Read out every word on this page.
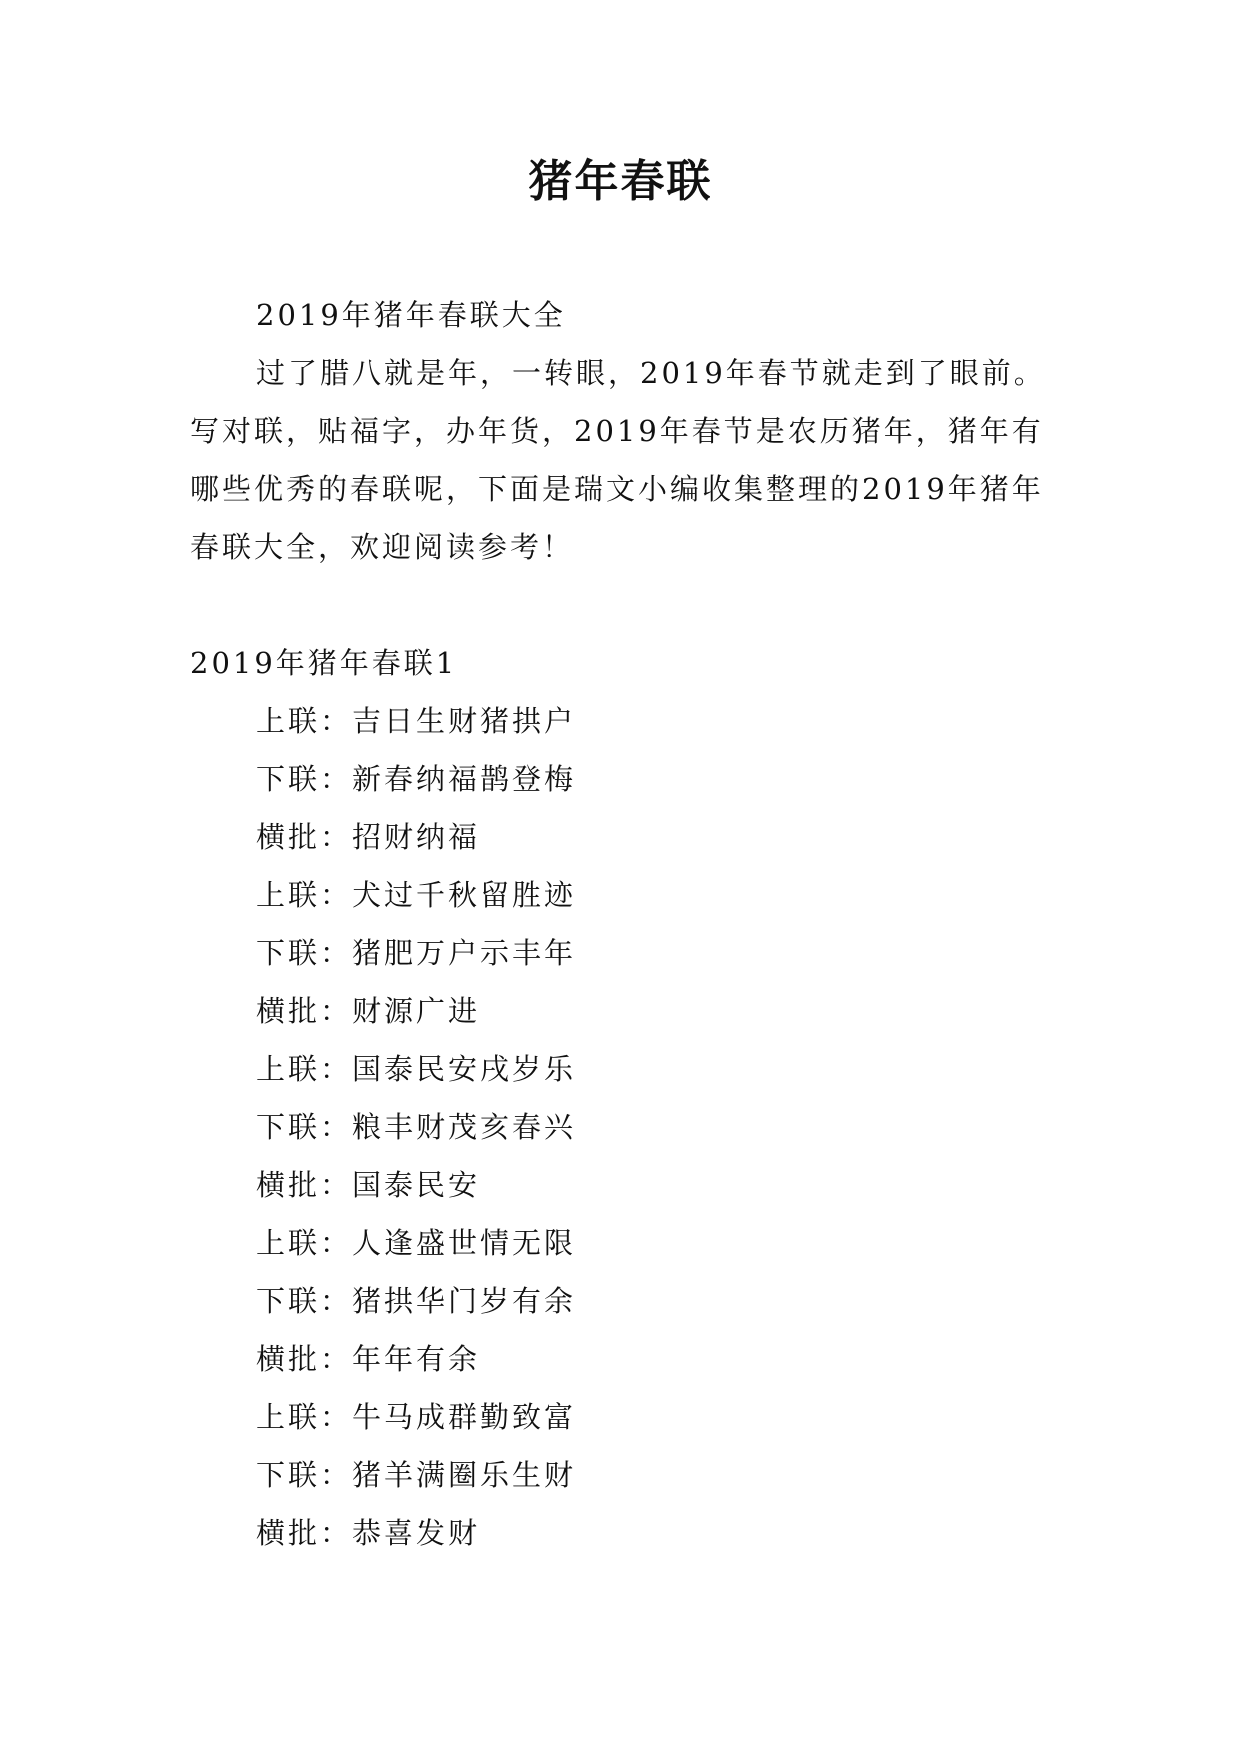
猪年春联

2019年猪年春联大全

过了腊八就是年，一转眼，2019年春节就走到了眼前。写对联，贴福字，办年货，2019年春节是农历猪年，猪年有哪些优秀的春联呢，下面是瑞文小编收集整理的2019年猪年春联大全，欢迎阅读参考！

2019年猪年春联1

上联：吉日生财猪拱户

下联：新春纳福鹊登梅

横批：招财纳福

上联：犬过千秋留胜迹

下联：猪肥万户示丰年

横批：财源广进

上联：国泰民安戌岁乐

下联：粮丰财茂亥春兴

横批：国泰民安

上联：人逢盛世情无限

下联：猪拱华门岁有余

横批：年年有余

上联：牛马成群勤致富

下联：猪羊满圈乐生财

横批：恭喜发财
